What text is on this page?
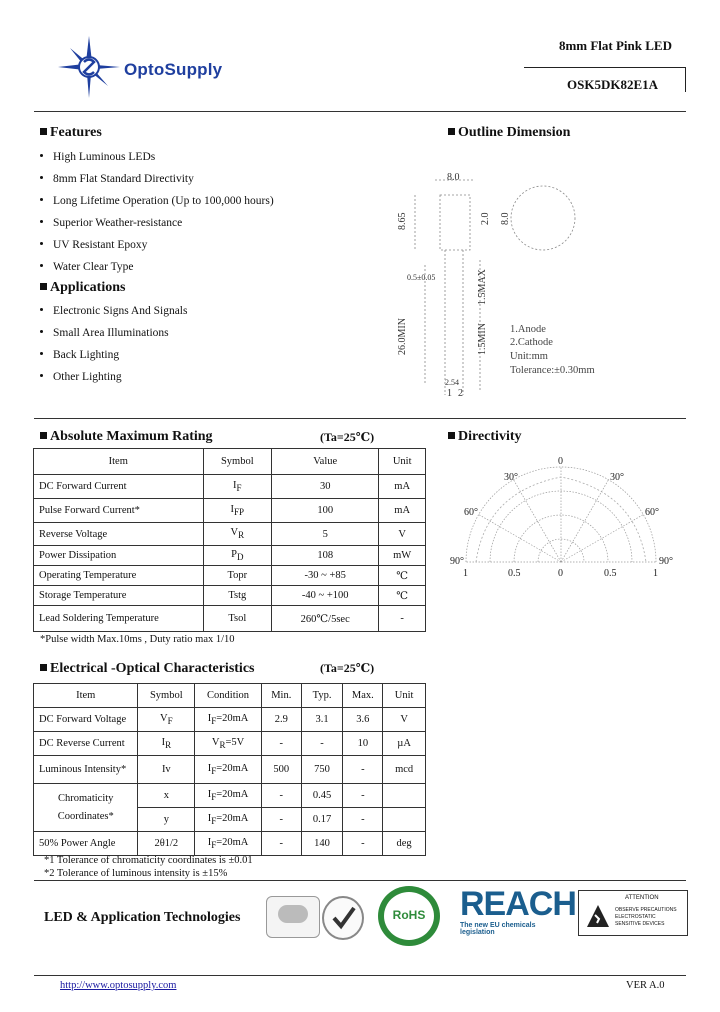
OptoSupply
8mm Flat Pink LED
OSK5DK82E1A
Features
High Luminous LEDs
8mm Flat Standard Directivity
Long Lifetime Operation (Up to 100,000 hours)
Superior Weather-resistance
UV Resistant Epoxy
Water Clear Type
Applications
Electronic Signs And Signals
Small Area Illuminations
Back Lighting
Other Lighting
Outline Dimension
8.0
8.65	2.0 8.0
0.5±0.05
26.0MIN
1.5MAX
1.5MIN
2.54
1 2
1.Anode
2.Cathode
Unit:mm
Tolerance:±0.30mm
Absolute Maximum Rating	(Ta=25℃)
Item	Symbol	Value	Unit
DC Forward Current	$I_F$	30	mA
Pulse Forward Current*	$I_{FP}$	100	mA
Reverse Voltage	$V_R$	5	V
Power Dissipation	$P_D$	108	mW
Operating Temperature	Topr	-30 ~ +85	℃
Storage Temperature	Tstg	-40 ~ +100	℃
Lead Soldering Temperature	Tsol	260℃/5sec	-
*Pulse width Max.10ms , Duty ratio max 1/10
Directivity
0
30°	30°
60°	60°
90°	90°
1	0.5	0	0.5	1
Electrical -Optical Characteristics	(Ta=25℃)
Item	Symbol	Condition	Min.	Typ.	Max.	Unit
DC Forward Voltage	$V_F$	$I_F=20mA$	2.9	3.1	3.6	V
DC Reverse Current	$I_R$	$V_R=5V$	-	-	10	µA
Luminous Intensity*	Iv	$I_F=20mA$	500	750	-	mcd

Chromaticity
Coordinates*	x	$I_F=20mA$	-	0.45	-	
	y	$I_F=20mA$	-	0.17	-	
50% Power Angle	2θ1/2	$I_F=20mA$	-	140	-	deg
*1 Tolerance of chromaticity coordinates is ±0.01
*2 Tolerance of luminous intensity is ±15%
LED & Application Technologies	RoHS REACH
The new EU chemicals legislation
ATTENTION
OBSERVE PRECAUTIONS
ELECTROSTATIC
SENSITIVE DEVICES
http://www.optosupply.com	VER A.0
